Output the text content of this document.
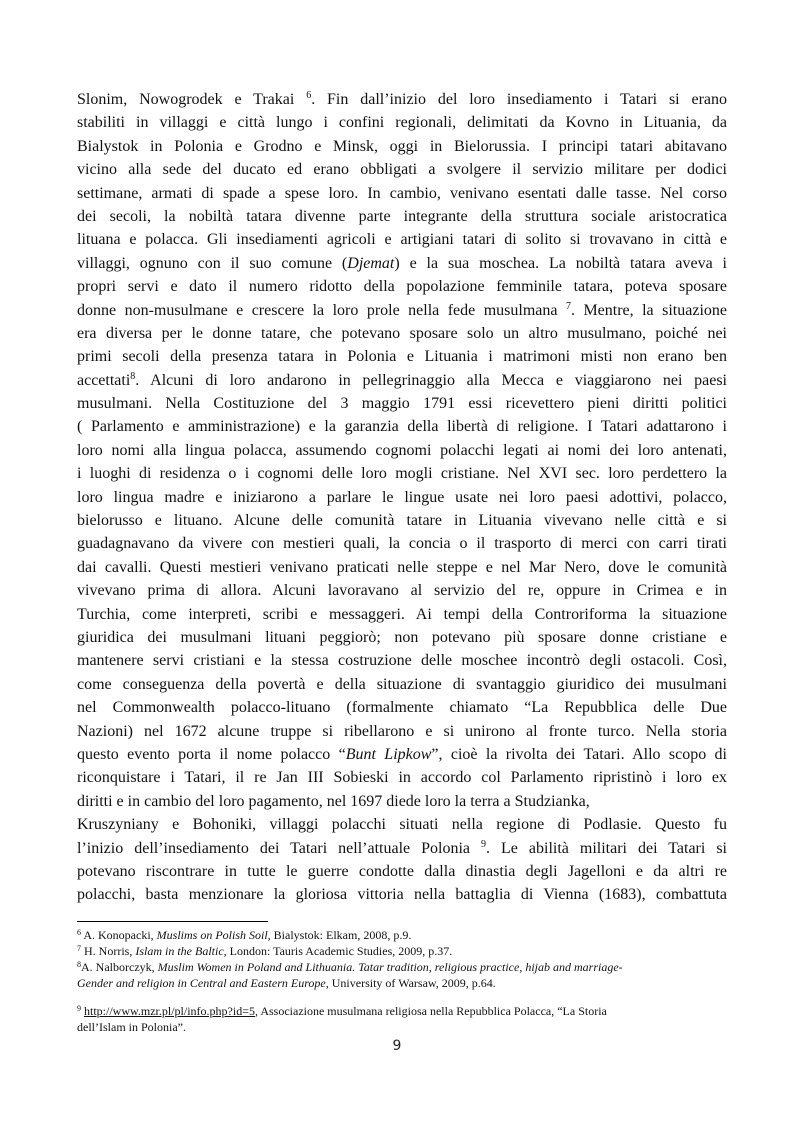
Slonim, Nowogrodek e Trakai $^6$. Fin dall’inizio del loro insediamento i Tatari si erano
stabiliti in villaggi e città lungo i confini regionali, delimitati da Kovno in Lituania, da
Bialystok in Polonia e Grodno e Minsk, oggi in Bielorussia. I principi tatari abitavano
vicino alla sede del ducato ed erano obbligati a svolgere il servizio militare per dodici
settimane, armati di spade a spese loro. In cambio, venivano esentati dalle tasse. Nel corso
dei secoli, la nobiltà tatara divenne parte integrante della struttura sociale aristocratica
lituana e polacca. Gli insediamenti agricoli e artigiani tatari di solito si trovavano in città e
villaggi, ognuno con il suo comune (Djemat) e la sua moschea. La nobiltà tatara aveva i
propri servi e dato il numero ridotto della popolazione femminile tatara, poteva sposare
donne non-musulmane e crescere la loro prole nella fede musulmana $^7$. Mentre, la situazione
era diversa per le donne tatare, che potevano sposare solo un altro musulmano, poiché nei
primi secoli della presenza tatara in Polonia e Lituania i matrimoni misti non erano ben
accettati$^8$. Alcuni di loro andarono in pellegrinaggio alla Mecca e viaggiarono nei paesi
musulmani. Nella Costituzione del 3 maggio 1791 essi ricevettero pieni diritti politici
( Parlamento e amministrazione) e la garanzia della libertà di religione. I Tatari adattarono i
loro nomi alla lingua polacca, assumendo cognomi polacchi legati ai nomi dei loro antenati,
i luoghi di residenza o i cognomi delle loro mogli cristiane. Nel XVI sec. loro perdettero la
loro lingua madre e iniziarono a parlare le lingue usate nei loro paesi adottivi, polacco,
bielorusso e lituano. Alcune delle comunità tatare in Lituania vivevano nelle città e si
guadagnavano da vivere con mestieri quali, la concia o il trasporto di merci con carri tirati
dai cavalli. Questi mestieri venivano praticati nelle steppe e nel Mar Nero, dove le comunità
vivevano prima di allora. Alcuni lavoravano al servizio del re, oppure in Crimea e in
Turchia, come interpreti, scribi e messaggeri. Ai tempi della Controriforma la situazione
giuridica dei musulmani lituani peggiorò; non potevano più sposare donne cristiane e
mantenere servi cristiani e la stessa costruzione delle moschee incontrò degli ostacoli. Così,
come conseguenza della povertà e della situazione di svantaggio giuridico dei musulmani
nel Commonwealth polacco-lituano (formalmente chiamato “La Repubblica delle Due
Nazioni) nel 1672 alcune truppe si ribellarono e si unirono al fronte turco. Nella storia
questo evento porta il nome polacco “Bunt Lipkow”, cioè la rivolta dei Tatari. Allo scopo di
riconquistare i Tatari, il re Jan III Sobieski in accordo col Parlamento ripristinò i loro ex
diritti e in cambio del loro pagamento, nel 1697 diede loro la terra a Studzianka,
Kruszyniany e Bohoniki, villaggi polacchi situati nella regione di Podlasie. Questo fu
l’inizio dell’insediamento dei Tatari nell’attuale Polonia $^9$. Le abilità militari dei Tatari si
potevano riscontrare in tutte le guerre condotte dalla dinastia degli Jagelloni e da altri re
polacchi, basta menzionare la gloriosa vittoria nella battaglia di Vienna (1683), combattuta
$^6$ A. Konopacki, Muslims on Polish Soil, Bialystok: Elkam, 2008, p.9.
$^7$ H. Norris, Islam in the Baltic, London: Tauris Academic Studies, 2009, p.37.
$^8$A. Nalborczyk, Muslim Women in Poland and Lithuania. Tatar tradition, religious practice, hijab and marriage-
Gender and religion in Central and Eastern Europe, University of Warsaw, 2009, p.64.
$^9$ http://www.mzr.pl/pl/info.php?id=5, Associazione musulmana religiosa nella Repubblica Polacca, “La Storia
dell’Islam in Polonia”.
9
